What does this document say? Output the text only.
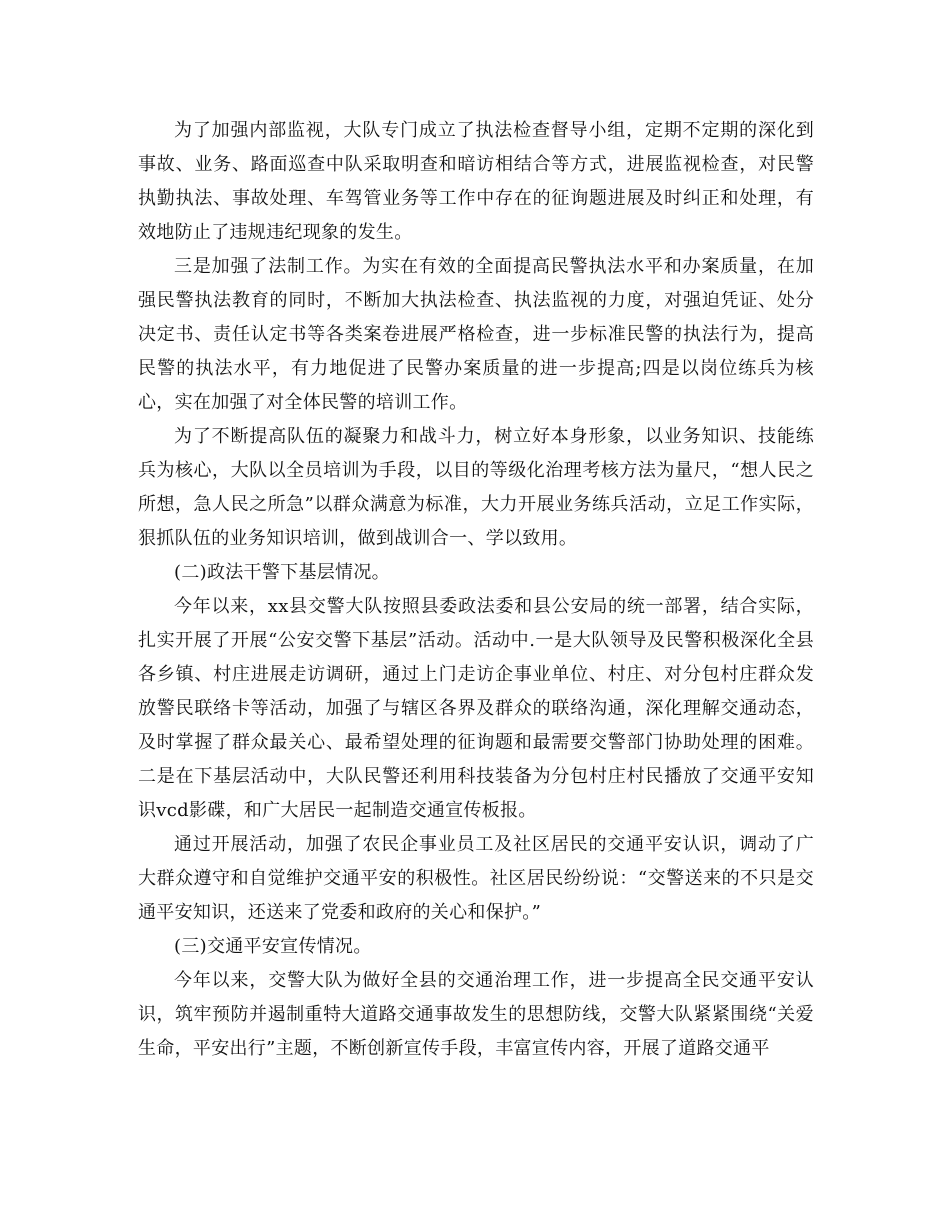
为了加强内部监视，大队专门成立了执法检查督导小组，定期不定期的深化到事故、业务、路面巡查中队采取明查和暗访相结合等方式，进展监视检查，对民警执勤执法、事故处理、车驾管业务等工作中存在的征询题进展及时纠正和处理，有效地防止了违规违纪现象的发生。

三是加强了法制工作。为实在有效的全面提高民警执法水平和办案质量，在加强民警执法教育的同时，不断加大执法检查、执法监视的力度，对强迫凭证、处分决定书、责任认定书等各类案卷进展严格检查，进一步标准民警的执法行为，提高民警的执法水平，有力地促进了民警办案质量的进一步提高;四是以岗位练兵为核心，实在加强了对全体民警的培训工作。

为了不断提高队伍的凝聚力和战斗力，树立好本身形象，以业务知识、技能练兵为核心，大队以全员培训为手段，以目的等级化治理考核方法为量尺，“想人民之所想，急人民之所急”以群众满意为标准，大力开展业务练兵活动，立足工作实际，狠抓队伍的业务知识培训，做到战训合一、学以致用。

(二)政法干警下基层情况。

今年以来，xx县交警大队按照县委政法委和县公安局的统一部署，结合实际，扎实开展了开展“公安交警下基层”活动。活动中.一是大队领导及民警积极深化全县各乡镇、村庄进展走访调研，通过上门走访企事业单位、村庄、对分包村庄群众发放警民联络卡等活动，加强了与辖区各界及群众的联络沟通，深化理解交通动态，及时掌握了群众最关心、最希望处理的征询题和最需要交警部门协助处理的困难。二是在下基层活动中，大队民警还利用科技装备为分包村庄村民播放了交通平安知识vcd影碟，和广大居民一起制造交通宣传板报。

通过开展活动，加强了农民企事业员工及社区居民的交通平安认识，调动了广大群众遵守和自觉维护交通平安的积极性。社区居民纷纷说：“交警送来的不只是交通平安知识，还送来了党委和政府的关心和保护。”

(三)交通平安宣传情况。

今年以来，交警大队为做好全县的交通治理工作，进一步提高全民交通平安认识，筑牢预防并遏制重特大道路交通事故发生的思想防线，交警大队紧紧围绕“关爱生命，平安出行”主题，不断创新宣传手段，丰富宣传内容，开展了道路交通平
